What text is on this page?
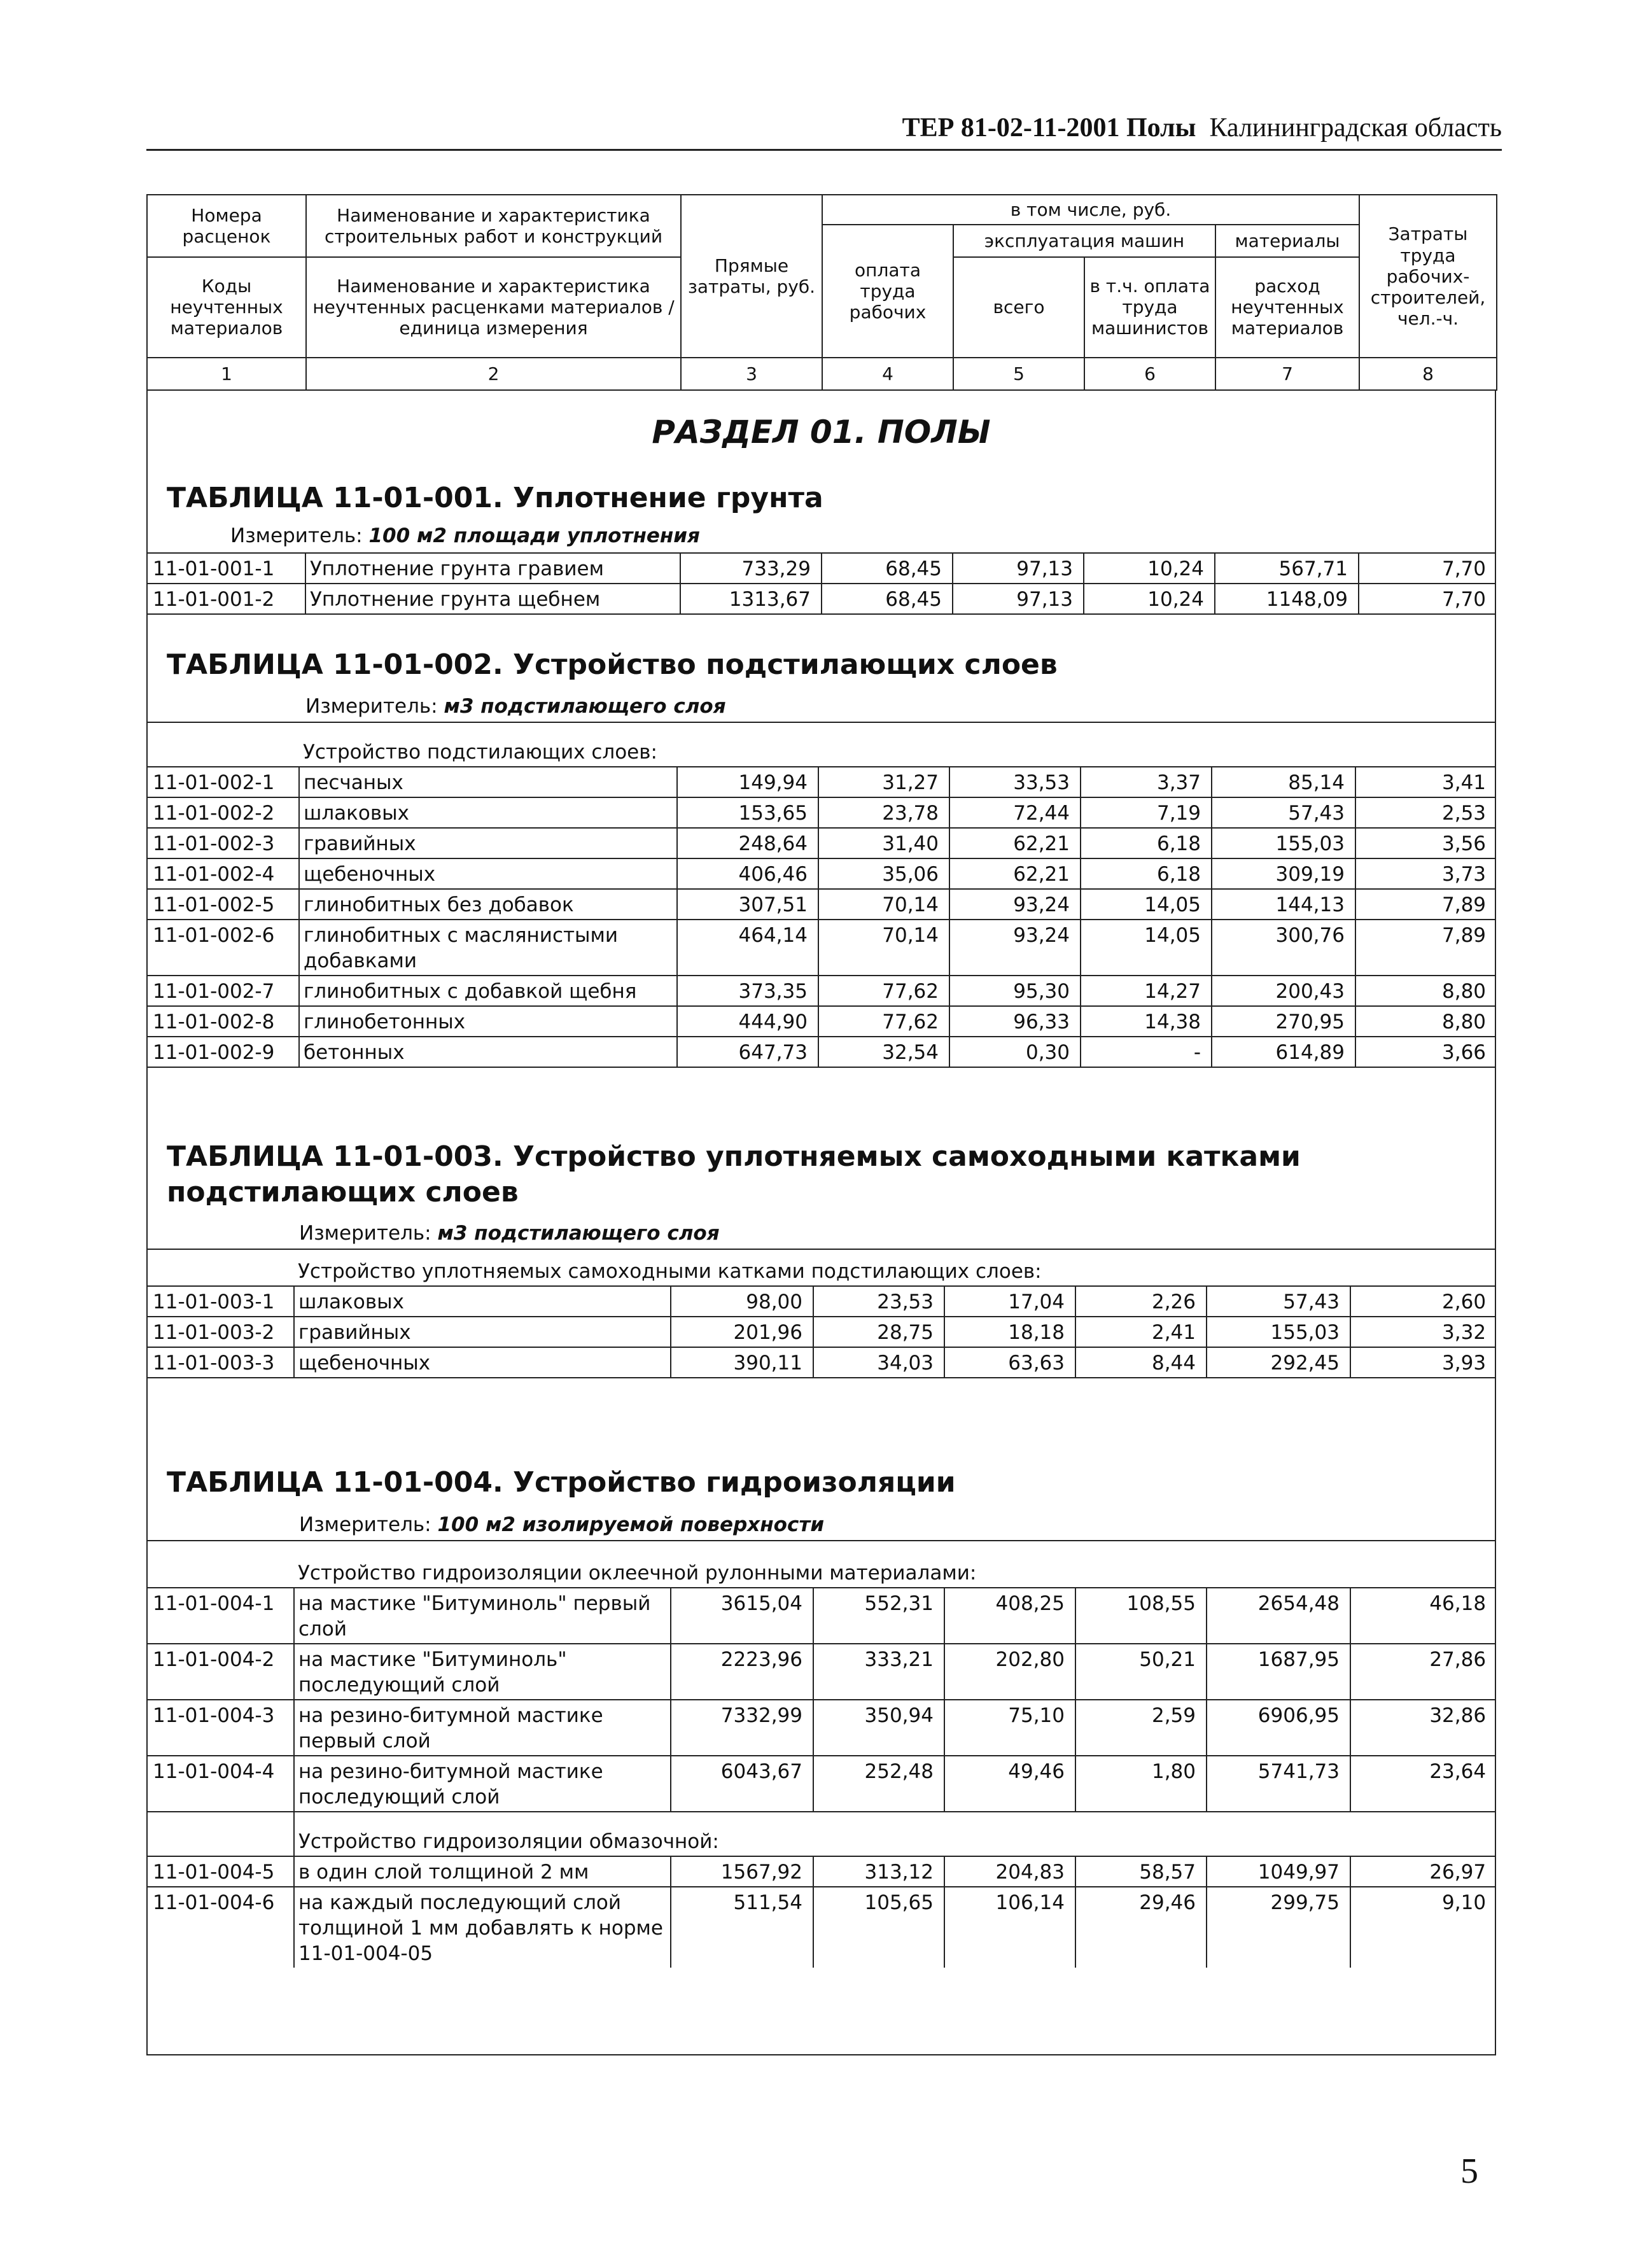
ТЕР 81-02-11-2001 Полы Калининградская область
Номера расценок	Наименование и характеристика строительных работ и конструкций	Прямые затраты, руб.	в том числе, руб.				Затраты труда рабочих-строителей, чел.-ч.
			оплата труда рабочих	эксплуатация машин		материалы	
Коды неучтенных материалов	Наименование и характеристика неучтенных расценками материалов / единица измерения			всего	в т.ч. оплата труда машинистов	расход неучтенных материалов	

1	2	3	4	5	6	7	8
РАЗДЕЛ 01. ПОЛЫ
ТАБЛИЦА 11-01-001. Уплотнение грунта
Измеритель: 100 м2 площади уплотнения
11-01-001-1	Уплотнение грунта гравием	733,29	68,45	97,13	10,24	567,71	7,70
11-01-001-2	Уплотнение грунта щебнем	1313,67	68,45	97,13	10,24	1148,09	7,70
ТАБЛИЦА 11-01-002. Устройство подстилающих слоев
Измеритель: м3 подстилающего слоя
	Устройство подстилающих слоев:						
11-01-002-1	песчаных	149,94	31,27	33,53	3,37	85,14	3,41
11-01-002-2	шлаковых	153,65	23,78	72,44	7,19	57,43	2,53
11-01-002-3	гравийных	248,64	31,40	62,21	6,18	155,03	3,56
11-01-002-4	щебеночных	406,46	35,06	62,21	6,18	309,19	3,73
11-01-002-5	глинобитных без добавок	307,51	70,14	93,24	14,05	144,13	7,89
11-01-002-6	глинобитных с маслянистыми добавками	464,14	70,14	93,24	14,05	300,76	7,89
11-01-002-7	глинобитных с добавкой щебня	373,35	77,62	95,30	14,27	200,43	8,80
11-01-002-8	глинобетонных	444,90	77,62	96,33	14,38	270,95	8,80
11-01-002-9	бетонных	647,73	32,54	0,30	-	614,89	3,66
ТАБЛИЦА 11-01-003. Устройство уплотняемых самоходными катками подстилающих слоев
Измеритель: м3 подстилающего слоя
	Устройство уплотняемых самоходными катками подстилающих слоев:						
11-01-003-1	шлаковых	98,00	23,53	17,04	2,26	57,43	2,60
11-01-003-2	гравийных	201,96	28,75	18,18	2,41	155,03	3,32
11-01-003-3	щебеночных	390,11	34,03	63,63	8,44	292,45	3,93
ТАБЛИЦА 11-01-004. Устройство гидроизоляции
Измеритель: 100 м2 изолируемой поверхности
	Устройство гидроизоляции оклеечной рулонными материалами:						
11-01-004-1	на мастике "Битуминоль" первый слой	3615,04	552,31	408,25	108,55	2654,48	46,18
11-01-004-2	на мастике "Битуминоль" последующий слой	2223,96	333,21	202,80	50,21	1687,95	27,86
11-01-004-3	на резино-битумной мастике первый слой	7332,99	350,94	75,10	2,59	6906,95	32,86
11-01-004-4	на резино-битумной мастике последующий слой	6043,67	252,48	49,46	1,80	5741,73	23,64
	Устройство гидроизоляции обмазочной:						
11-01-004-5	в один слой толщиной 2 мм	1567,92	313,12	204,83	58,57	1049,97	26,97
11-01-004-6	на каждый последующий слой толщиной 1 мм добавлять к норме 11-01-004-05	511,54	105,65	106,14	29,46	299,75	9,10
5
